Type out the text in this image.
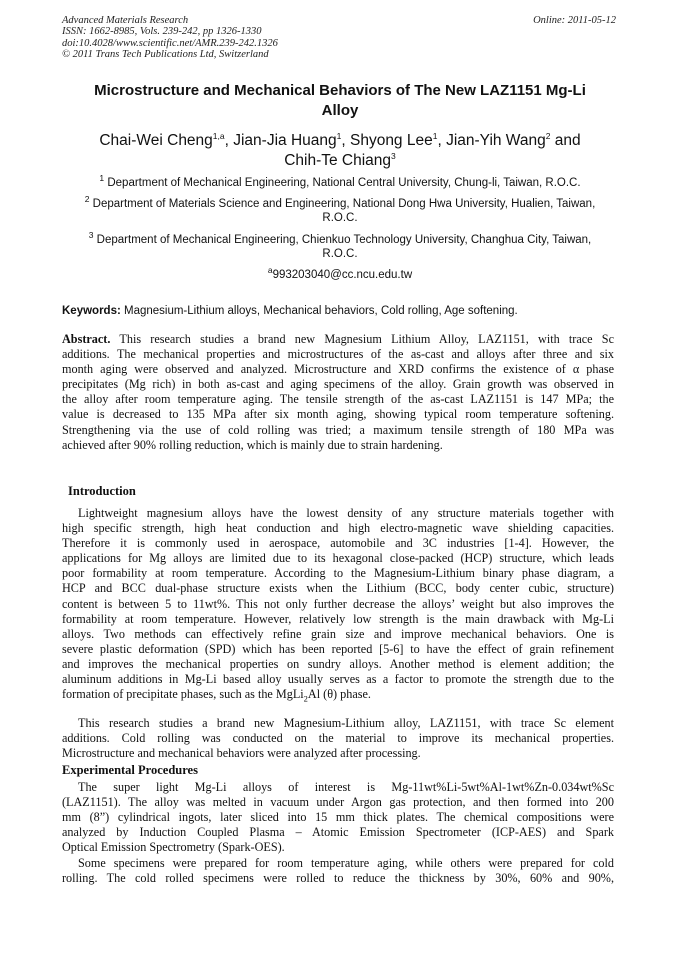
Advanced Materials Research
ISSN: 1662-8985, Vols. 239-242, pp 1326-1330
doi:10.4028/www.scientific.net/AMR.239-242.1326
© 2011 Trans Tech Publications Ltd, Switzerland
Online: 2011-05-12
Microstructure and Mechanical Behaviors of The New LAZ1151 Mg-Li
Alloy
Chai-Wei Cheng$^{1,a}$, Jian-Jia Huang$^1$, Shyong Lee$^1$, Jian-Yih Wang$^2$ and
Chih-Te Chiang$^3$
$^1$ Department of Mechanical Engineering, National Central University, Chung-li, Taiwan, R.O.C.
$^2$ Department of Materials Science and Engineering, National Dong Hwa University, Hualien, Taiwan,
R.O.C.
$^3$ Department of Mechanical Engineering, Chienkuo Technology University, Changhua City, Taiwan,
R.O.C.
$^a$993203040@cc.ncu.edu.tw
Keywords: Magnesium-Lithium alloys, Mechanical behaviors, Cold rolling, Age softening.
Abstract. This research studies a brand new Magnesium Lithium Alloy, LAZ1151, with trace Sc
additions. The mechanical properties and microstructures of the as-cast and alloys after three and six
month aging were observed and analyzed. Microstructure and XRD confirms the existence of α phase
precipitates (Mg rich) in both as-cast and aging specimens of the alloy. Grain growth was observed in
the alloy after room temperature aging. The tensile strength of the as-cast LAZ1151 is 147 MPa; the
value is decreased to 135 MPa after six month aging, showing typical room temperature softening.
Strengthening via the use of cold rolling was tried; a maximum tensile strength of 180 MPa was
achieved after 90% rolling reduction, which is mainly due to strain hardening.
Introduction
Lightweight magnesium alloys have the lowest density of any structure materials together with
high specific strength, high heat conduction and high electro-magnetic wave shielding capacities.
Therefore it is commonly used in aerospace, automobile and 3C industries [1-4]. However, the
applications for Mg alloys are limited due to its hexagonal close-packed (HCP) structure, which leads
poor formability at room temperature. According to the Magnesium-Lithium binary phase diagram, a
HCP and BCC dual-phase structure exists when the Lithium (BCC, body center cubic, structure)
content is between 5 to 11wt%. This not only further decrease the alloys’ weight but also improves the
formability at room temperature. However, relatively low strength is the main drawback with Mg-Li
alloys. Two methods can effectively refine grain size and improve mechanical behaviors. One is
severe plastic deformation (SPD) which has been reported [5-6] to have the effect of grain refinement
and improves the mechanical properties on sundry alloys. Another method is element addition; the
aluminum additions in Mg-Li based alloy usually serves as a factor to promote the strength due to the
formation of precipitate phases, such as the MgLi$_2$Al (θ) phase.
This research studies a brand new Magnesium-Lithium alloy, LAZ1151, with trace Sc element
additions. Cold rolling was conducted on the material to improve its mechanical properties.
Microstructure and mechanical behaviors were analyzed after processing.
Experimental Procedures
The super light Mg-Li alloys of interest is Mg-11wt%Li-5wt%Al-1wt%Zn-0.034wt%Sc
(LAZ1151). The alloy was melted in vacuum under Argon gas protection, and then formed into 200
mm (8”) cylindrical ingots, later sliced into 15 mm thick plates. The chemical compositions were
analyzed by Induction Coupled Plasma – Atomic Emission Spectrometer (ICP-AES) and Spark
Optical Emission Spectrometry (Spark-OES).
Some specimens were prepared for room temperature aging, while others were prepared for cold
rolling. The cold rolled specimens were rolled to reduce the thickness by 30%, 60% and 90%,
